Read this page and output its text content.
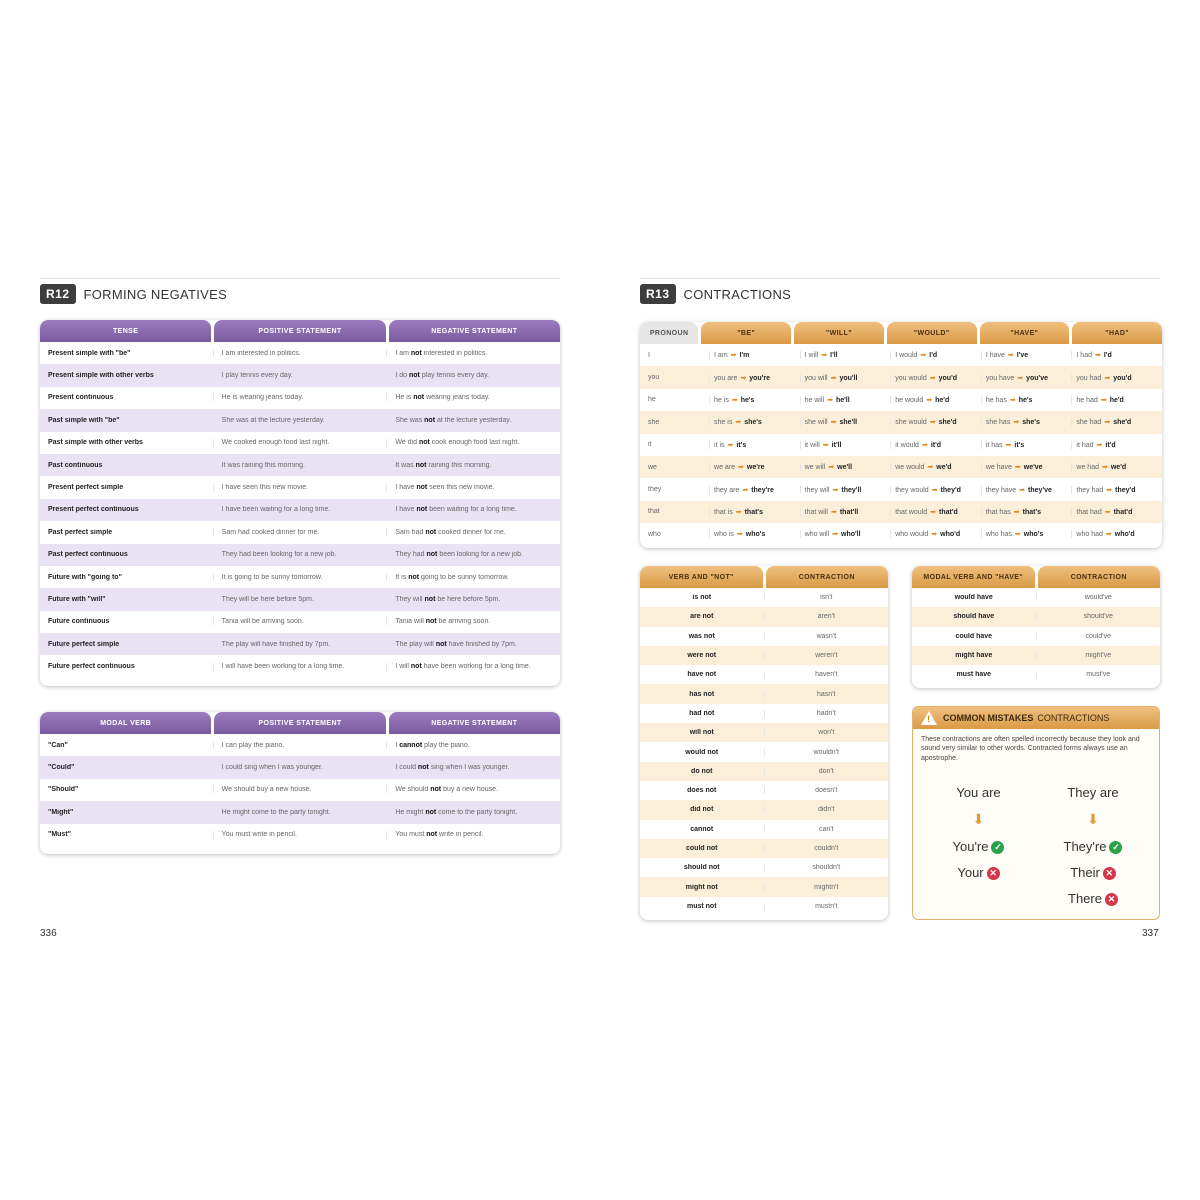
R12	FORMING NEGATIVES
TENSE	POSITIVE STATEMENT	NEGATIVE STATEMENT
Present simple with "be"	I am interested in politics.	I am not interested in politics.
Present simple with other verbs	I play tennis every day.	I do not play tennis every day.
Present continuous	He is wearing jeans today.	He is not wearing jeans today.
Past simple with "be"	She was at the lecture yesterday.	She was not at the lecture yesterday.
Past simple with other verbs	We cooked enough food last night.	We did not cook enough food last night.
Past continuous	It was raining this morning.	It was not raining this morning.
Present perfect simple	I have seen this new movie.	I have not seen this new movie.
Present perfect continuous	I have been waiting for a long time.	I have not been waiting for a long time.
Past perfect simple	Sam had cooked dinner for me.	Sam had not cooked dinner for me.
Past perfect continuous	They had been looking for a new job.	They had not been looking for a new job.
Future with "going to"	It is going to be sunny tomorrow.	It is not going to be sunny tomorrow.
Future with "will"	They will be here before 5pm.	They will not be here before 5pm.
Future continuous	Tania will be arriving soon.	Tania will not be arriving soon.
Future perfect simple	The play will have finished by 7pm.	The play will not have finished by 7pm.
Future perfect continuous	I will have been working for a long time.	I will not have been working for a long time.
MODAL VERB	POSITIVE STATEMENT	NEGATIVE STATEMENT
"Can"	I can play the piano.	I cannot play the piano.
"Could"	I could sing when I was younger.	I could not sing when I was younger.
"Should"	We should buy a new house.	We should not buy a new house.
"Might"	He might come to the party tonight.	He might not come to the party tonight.
"Must"	You must write in pencil.	You must not write in pencil.
336
R13	CONTRACTIONS
PRONOUN	"BE"	"WILL"	"WOULD"	"HAVE"	"HAD"
I	I am ➡ I'm	I will ➡ I'll	I would ➡ I'd	I have ➡ I've	I had ➡ I'd
you	you are ➡ you're	you will ➡ you'll	you would ➡ you'd	you have ➡ you've	you had ➡ you'd
he	he is ➡ he's	he will ➡ he'll	he would ➡ he'd	he has ➡ he's	he had ➡ he'd
she	she is ➡ she's	she will ➡ she'll	she would ➡ she'd	she has ➡ she's	she had ➡ she'd
it	it is ➡ it's	it will ➡ it'll	it would ➡ it'd	it has ➡ it's	it had ➡ it'd
we	we are ➡ we're	we will ➡ we'll	we would ➡ we'd	we have ➡ we've	we had ➡ we'd
they	they are ➡ they're	they will ➡ they'll	they would ➡ they'd	they have ➡ they've	they had ➡ they'd
that	that is ➡ that's	that will ➡ that'll	that would ➡ that'd	that has ➡ that's	that had ➡ that'd
who	who is ➡ who's	who will ➡ who'll	who would ➡ who'd	who has ➡ who's	who had ➡ who'd
VERB AND "NOT"	CONTRACTION
is not	isn't
are not	aren't
was not	wasn't
were not	weren't
have not	haven't
has not	hasn't
had not	hadn't
will not	won't
would not	wouldn't
do not	don't
does not	doesn't
did not	didn't
cannot	can't
could not	couldn't
should not	shouldn't
might not	mightn't
must not	mustn't
MODAL VERB AND "HAVE"	CONTRACTION
would have	would've
should have	should've
could have	could've
might have	might've
must have	must've
! COMMON MISTAKES CONTRACTIONS
These contractions are often spelled incorrectly because they look and sound very similar to other words. Contracted forms always use an apostrophe.
You are
⬇
You're ✓
Your ✕
They are
⬇
They're ✓
Their ✕
There ✕
337
